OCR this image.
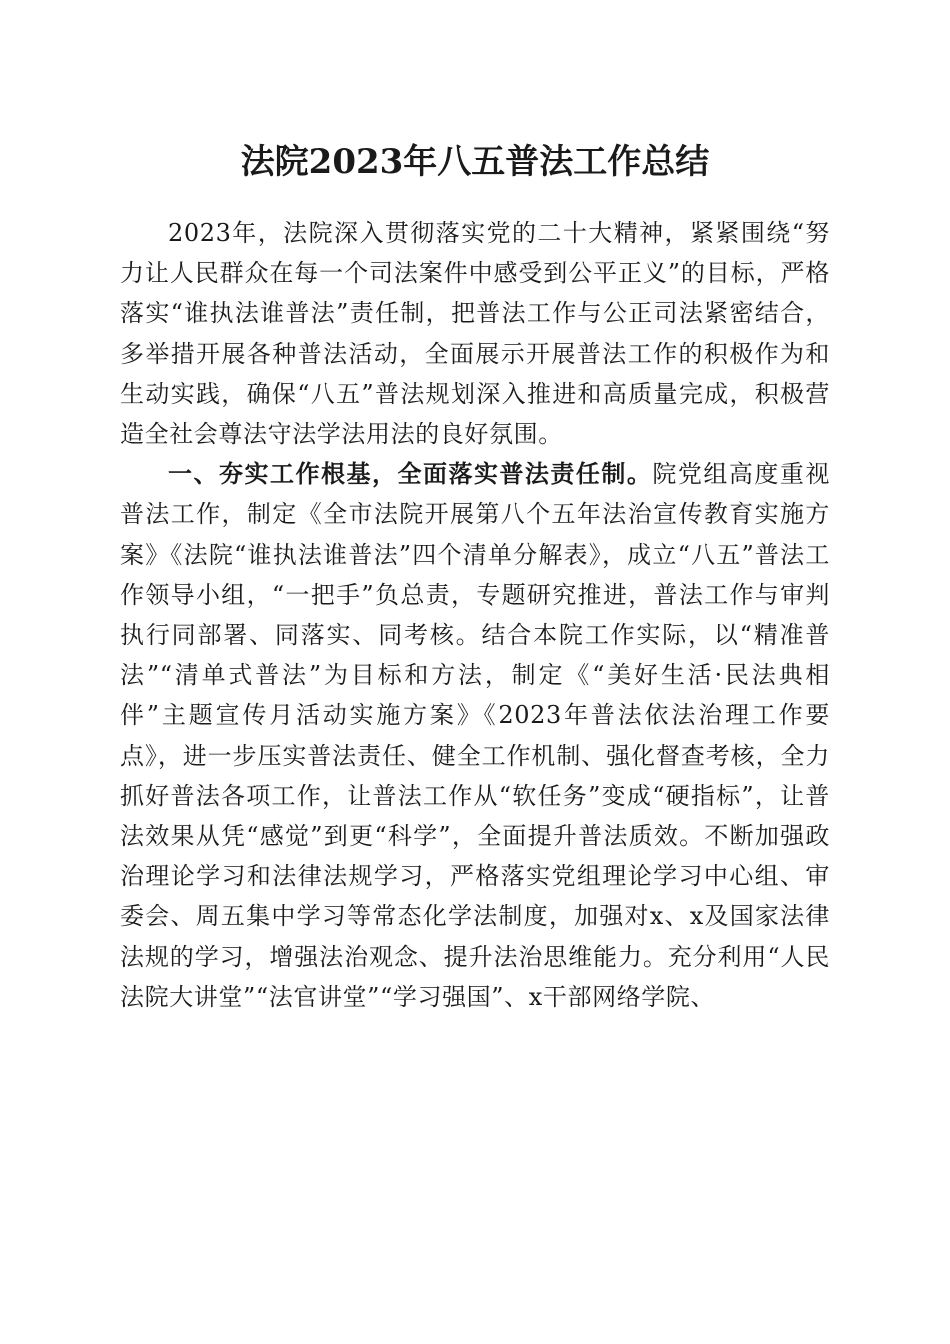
法院2023年八五普法工作总结

2023年，法院深入贯彻落实党的二十大精神，紧紧围绕“努力让人民群众在每一个司法案件中感受到公平正义”的目标，严格落实“谁执法谁普法”责任制，把普法工作与公正司法紧密结合，多举措开展各种普法活动，全面展示开展普法工作的积极作为和生动实践，确保“八五”普法规划深入推进和高质量完成，积极营造全社会尊法守法学法用法的良好氛围。

一、夯实工作根基，全面落实普法责任制。院党组高度重视普法工作，制定《全市法院开展第八个五年法治宣传教育实施方案》《法院“谁执法谁普法”四个清单分解表》，成立“八五”普法工作领导小组，“一把手”负总责，专题研究推进，普法工作与审判执行同部署、同落实、同考核。结合本院工作实际，以“精准普法”“清单式普法”为目标和方法，制定《“美好生活·民法典相伴”主题宣传月活动实施方案》《2023年普法依法治理工作要点》，进一步压实普法责任、健全工作机制、强化督查考核，全力抓好普法各项工作，让普法工作从“软任务”变成“硬指标”，让普法效果从凭“感觉”到更“科学”，全面提升普法质效。不断加强政治理论学习和法律法规学习，严格落实党组理论学习中心组、审委会、周五集中学习等常态化学法制度，加强对x、x及国家法律法规的学习，增强法治观念、提升法治思维能力。充分利用“人民法院大讲堂”“法官讲堂”“学习强国”、x干部网络学院、
